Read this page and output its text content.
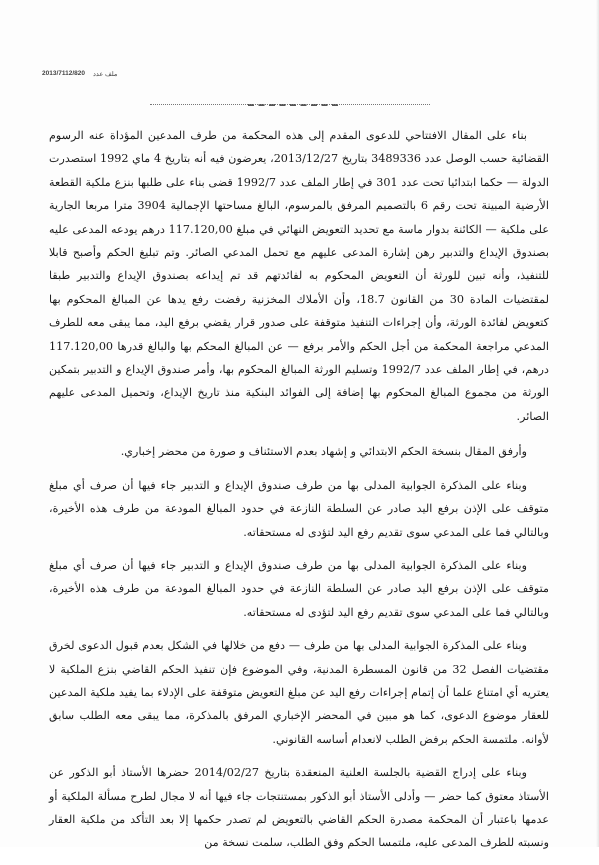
2013/7112/820 ملف عدد

بناء على المقال الافتتاحي للدعوى المقدم إلى هذه المحكمة من طرف المدعين المؤداة عنه الرسوم القضائية حسب الوصل عدد 3489336 بتاريخ 2013/12/27، يعرضون فيه أنه بتاريخ 4 ماي 1992 استصدرت الدولة — حكما ابتدائيا تحت عدد 301 في إطار الملف عدد 1992/7 قضى بناء على طلبها بنزع ملكية القطعة الأرضية المبينة تحت رقم 6 بالتصميم المرفق بالمرسوم، البالغ مساحتها الإجمالية 3904 مترا مربعا الجارية على ملكية — الكائنة بدوار ماسة مع تحديد التعويض النهائي في مبلغ 117.120,00 درهم يودعه المدعى عليه بصندوق الإيداع والتدبير رهن إشارة المدعى عليهم مع تحمل المدعي الصائر. وتم تبليغ الحكم وأصبح قابلا للتنفيذ، وأنه تبين للورثة أن التعويض المحكوم به لفائدتهم قد تم إيداعه بصندوق الإيداع والتدبير طبقا لمقتضيات المادة 30 من القانون 18.7، وأن الأملاك المخزنية رفضت رفع يدها عن المبالغ المحكوم بها كتعويض لفائدة الورثة، وأن إجراءات التنفيذ متوقفة على صدور قرار يقضي برفع اليد، مما يبقى معه للطرف المدعي مراجعة المحكمة من أجل الحكم والأمر برفع — عن المبالغ المحكم بها والبالغ قدرها 117.120,00 درهم، في إطار الملف عدد 1992/7 وتسليم الورثة المبالغ المحكوم بها، وأمر صندوق الإيداع و التدبير بتمكين الورثة من مجموع المبالغ المحكوم بها إضافة إلى الفوائد البنكية منذ تاريخ الإيداع، وتحميل المدعى عليهم الصائر.

وأرفق المقال بنسخة الحكم الابتدائي و إشهاد بعدم الاستئناف و صورة من محضر إخباري.

وبناء على المذكرة الجوابية المدلى بها من طرف صندوق الإيداع و التدبير جاء فيها أن صرف أي مبلغ متوقف على الإذن برفع اليد صادر عن السلطة النازعة في حدود المبالغ المودعة من طرف هذه الأخيرة، وبالتالي فما على المدعي سوى تقديم رفع اليد لتؤدى له مستحقاته.

وبناء على المذكرة الجوابية المدلى بها من طرف صندوق الإيداع و التدبير جاء فيها أن صرف أي مبلغ متوقف على الإذن برفع اليد صادر عن السلطة النازعة في حدود المبالغ المودعة من طرف هذه الأخيرة، وبالتالي فما على المدعي سوى تقديم رفع اليد لتؤدى له مستحقاته.

وبناء على المذكرة الجوابية المدلى بها من طرف — دفع من خلالها في الشكل بعدم قبول الدعوى لخرق مقتضيات الفصل 32 من قانون المسطرة المدنية، وفي الموضوع فإن تنفيذ الحكم القاضي بنزع الملكية لا يعتريه أي امتناع علما أن إتمام إجراءات رفع اليد عن مبلغ التعويض متوقفة على الإدلاء بما يفيد ملكية المدعين للعقار موضوع الدعوى، كما هو مبين في المحضر الإخباري المرفق بالمذكرة، مما يبقى معه الطلب سابق لأوانه. ملتمسة الحكم برفض الطلب لانعدام أساسه القانوني.

وبناء على إدراج القضية بالجلسة العلنية المنعقدة بتاريخ 2014/02/27 حضرها الأستاذ أبو الذكور عن الأستاذ معتوق كما حضر — وأدلى الأستاذ أبو الذكور بمستنتجات جاء فيها أنه لا مجال لطرح مسألة الملكية أو عدمها باعتبار أن المحكمة مصدرة الحكم القاضي بالتعويض لم تصدر حكمها إلا بعد التأكد من ملكية العقار ونسبته للطرف المدعى عليه، ملتمسا الحكم وفق الطلب، سلمت نسخة من
